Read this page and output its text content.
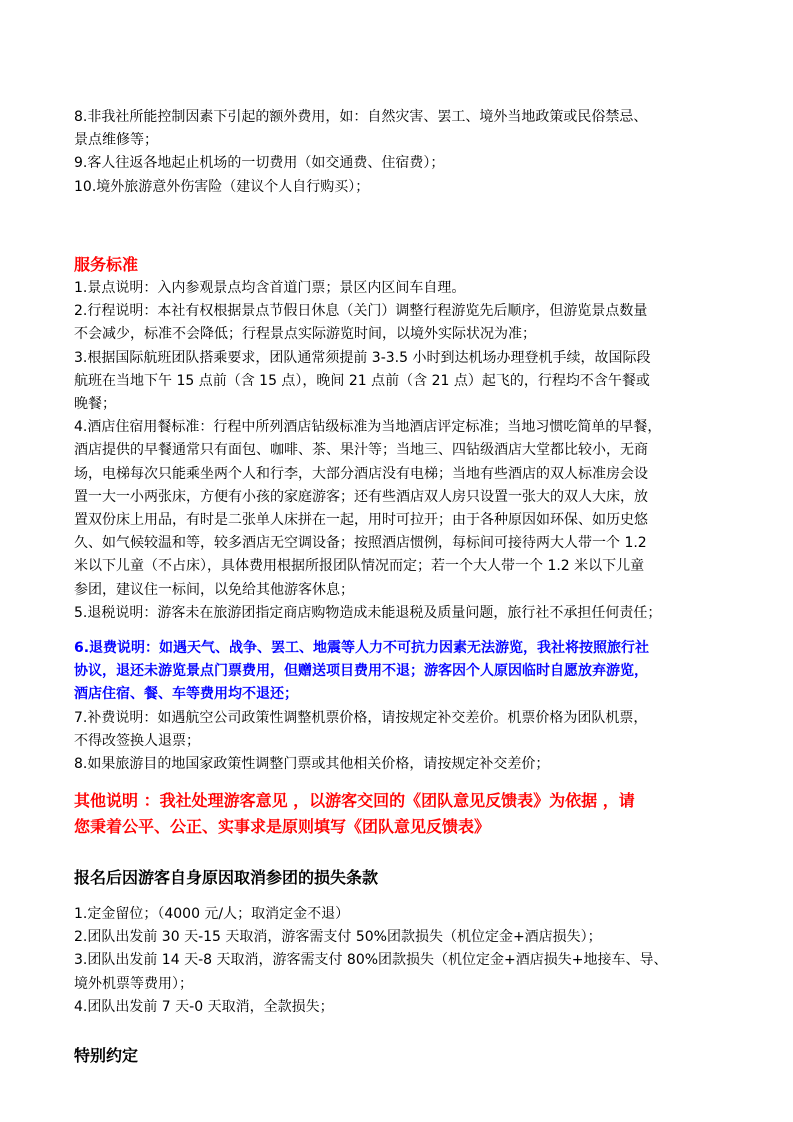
8.非我社所能控制因素下引起的额外费用，如：自然灾害、罢工、境外当地政策或民俗禁忌、

景点维修等；

9.客人往返各地起止机场的一切费用（如交通费、住宿费）；

10.境外旅游意外伤害险（建议个人自行购买）；

服务标准

1.景点说明：入内参观景点均含首道门票；景区内区间车自理。

2.行程说明：本社有权根据景点节假日休息（关门）调整行程游览先后顺序，但游览景点数量

不会减少，标准不会降低；行程景点实际游览时间，以境外实际状况为准；

3.根据国际航班团队搭乘要求，团队通常须提前 3-3.5 小时到达机场办理登机手续，故国际段

航班在当地下午 15 点前（含 15 点），晚间 21 点前（含 21 点）起飞的，行程均不含午餐或

晚餐；

4.酒店住宿用餐标准：行程中所列酒店钻级标准为当地酒店评定标准；当地习惯吃简单的早餐，

酒店提供的早餐通常只有面包、咖啡、茶、果汁等；当地三、四钻级酒店大堂都比较小，无商

场，电梯每次只能乘坐两个人和行李，大部分酒店没有电梯；当地有些酒店的双人标准房会设

置一大一小两张床，方便有小孩的家庭游客；还有些酒店双人房只设置一张大的双人大床，放

置双份床上用品，有时是二张单人床拼在一起，用时可拉开；由于各种原因如环保、如历史悠

久、如气候较温和等，较多酒店无空调设备；按照酒店惯例，每标间可接待两大人带一个 1.2

米以下儿童（不占床），具体费用根据所报团队情况而定；若一个大人带一个 1.2 米以下儿童

参团，建议住一标间，以免给其他游客休息；

5.退税说明：游客未在旅游团指定商店购物造成未能退税及质量问题，旅行社不承担任何责任；

6.退费说明：如遇天气、战争、罢工、地震等人力不可抗力因素无法游览，我社将按照旅行社

协议，退还未游览景点门票费用，但赠送项目费用不退；游客因个人原因临时自愿放弃游览，

酒店住宿、餐、车等费用均不退还；

7.补费说明：如遇航空公司政策性调整机票价格，请按规定补交差价。机票价格为团队机票，

不得改签换人退票；

8.如果旅游目的地国家政策性调整门票或其他相关价格，请按规定补交差价；

其他说明 ：我社处理游客意见 ，以游客交回的《团队意见反馈表》为依据 ，请

您秉着公平、公正、实事求是原则填写《团队意见反馈表》

报名后因游客自身原因取消参团的损失条款

1.定金留位；（4000 元/人；取消定金不退）

2.团队出发前 30 天-15 天取消，游客需支付 50%团款损失（机位定金+酒店损失）；

3.团队出发前 14 天-8 天取消，游客需支付 80%团款损失（机位定金+酒店损失+地接车、导、

境外机票等费用）；

4.团队出发前 7 天-0 天取消，全款损失；

特别约定
